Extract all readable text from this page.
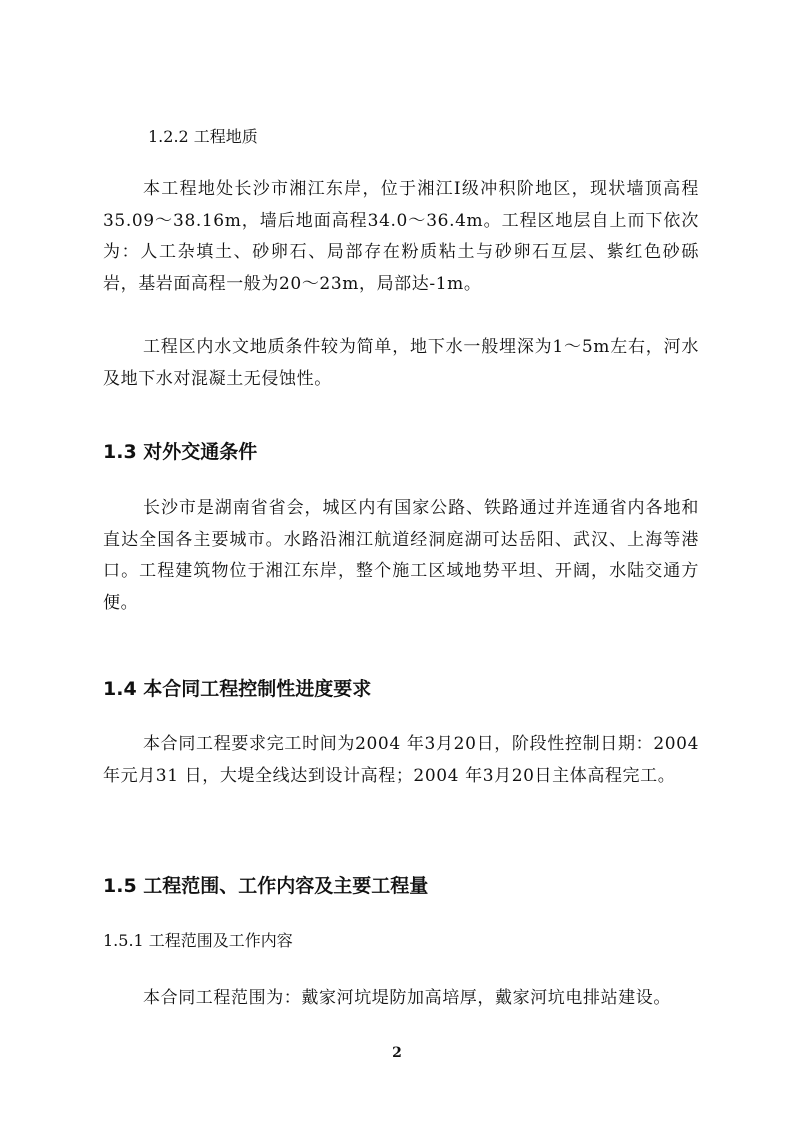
1.2.2 工程地质

本工程地处长沙市湘江东岸，位于湘江Ⅰ级冲积阶地区，现状墙顶高程35.09～38.16m，墙后地面高程34.0～36.4m。工程区地层自上而下依次为：人工杂填土、砂卵石、局部存在粉质粘土与砂卵石互层、紫红色砂砾岩，基岩面高程一般为20～23m，局部达-1m。

工程区内水文地质条件较为简单，地下水一般埋深为1～5m左右，河水及地下水对混凝土无侵蚀性。

1.3 对外交通条件

长沙市是湖南省省会，城区内有国家公路、铁路通过并连通省内各地和直达全国各主要城市。水路沿湘江航道经洞庭湖可达岳阳、武汉、上海等港口。工程建筑物位于湘江东岸，整个施工区域地势平坦、开阔，水陆交通方便。

1.4 本合同工程控制性进度要求

本合同工程要求完工时间为2004 年3月20日，阶段性控制日期：2004 年元月31 日，大堤全线达到设计高程；2004 年3月20日主体高程完工。

1.5 工程范围、工作内容及主要工程量
1.5.1 工程范围及工作内容

本合同工程范围为：戴家河坑堤防加高培厚，戴家河坑电排站建设。

2
